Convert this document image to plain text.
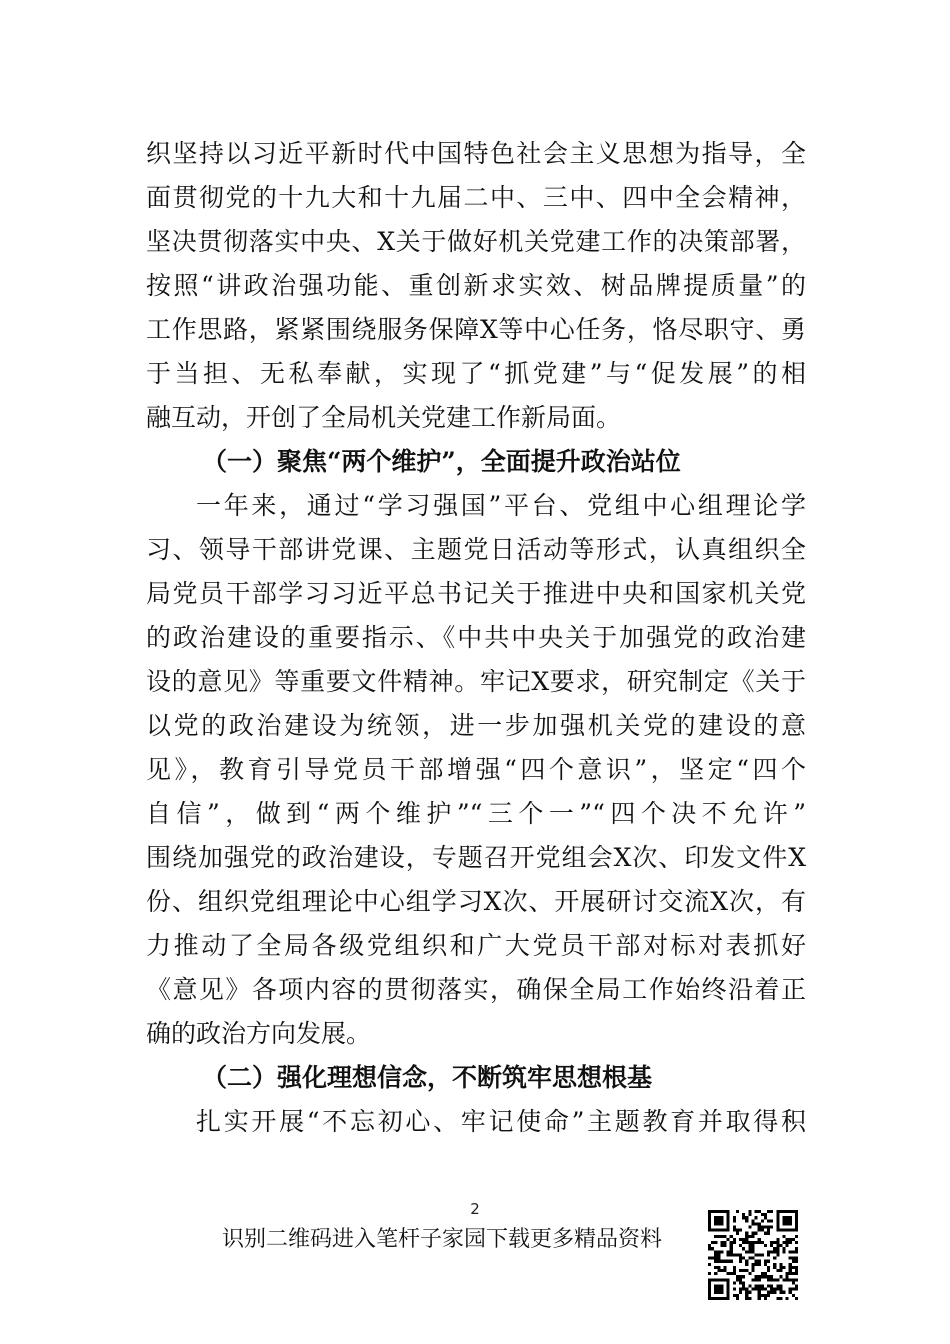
织坚持以习近平新时代中国特色社会主义思想为指导，全
面贯彻党的十九大和十九届二中、三中、四中全会精神，
坚决贯彻落实中央、X关于做好机关党建工作的决策部署，
按照“讲政治强功能、重创新求实效、树品牌提质量”的
工作思路，紧紧围绕服务保障X等中心任务，恪尽职守、勇
于当担、无私奉献，实现了“抓党建”与“促发展”的相
融互动，开创了全局机关党建工作新局面。
（一）聚焦“两个维护”，全面提升政治站位
一年来，通过“学习强国”平台、党组中心组理论学
习、领导干部讲党课、主题党日活动等形式，认真组织全
局党员干部学习习近平总书记关于推进中央和国家机关党
的政治建设的重要指示、《中共中央关于加强党的政治建
设的意见》等重要文件精神。牢记X要求，研究制定《关于
以党的政治建设为统领，进一步加强机关党的建设的意
见》，教育引导党员干部增强“四个意识”，坚定“四个
自信”，做到“两个维护”“三个一”“四个决不允许”
围绕加强党的政治建设，专题召开党组会X次、印发文件X
份、组织党组理论中心组学习X次、开展研讨交流X次，有
力推动了全局各级党组织和广大党员干部对标对表抓好
《意见》各项内容的贯彻落实，确保全局工作始终沿着正
确的政治方向发展。
（二）强化理想信念，不断筑牢思想根基
扎实开展“不忘初心、牢记使命”主题教育并取得积
2
识别二维码进入笔杆子家园下载更多精品资料
